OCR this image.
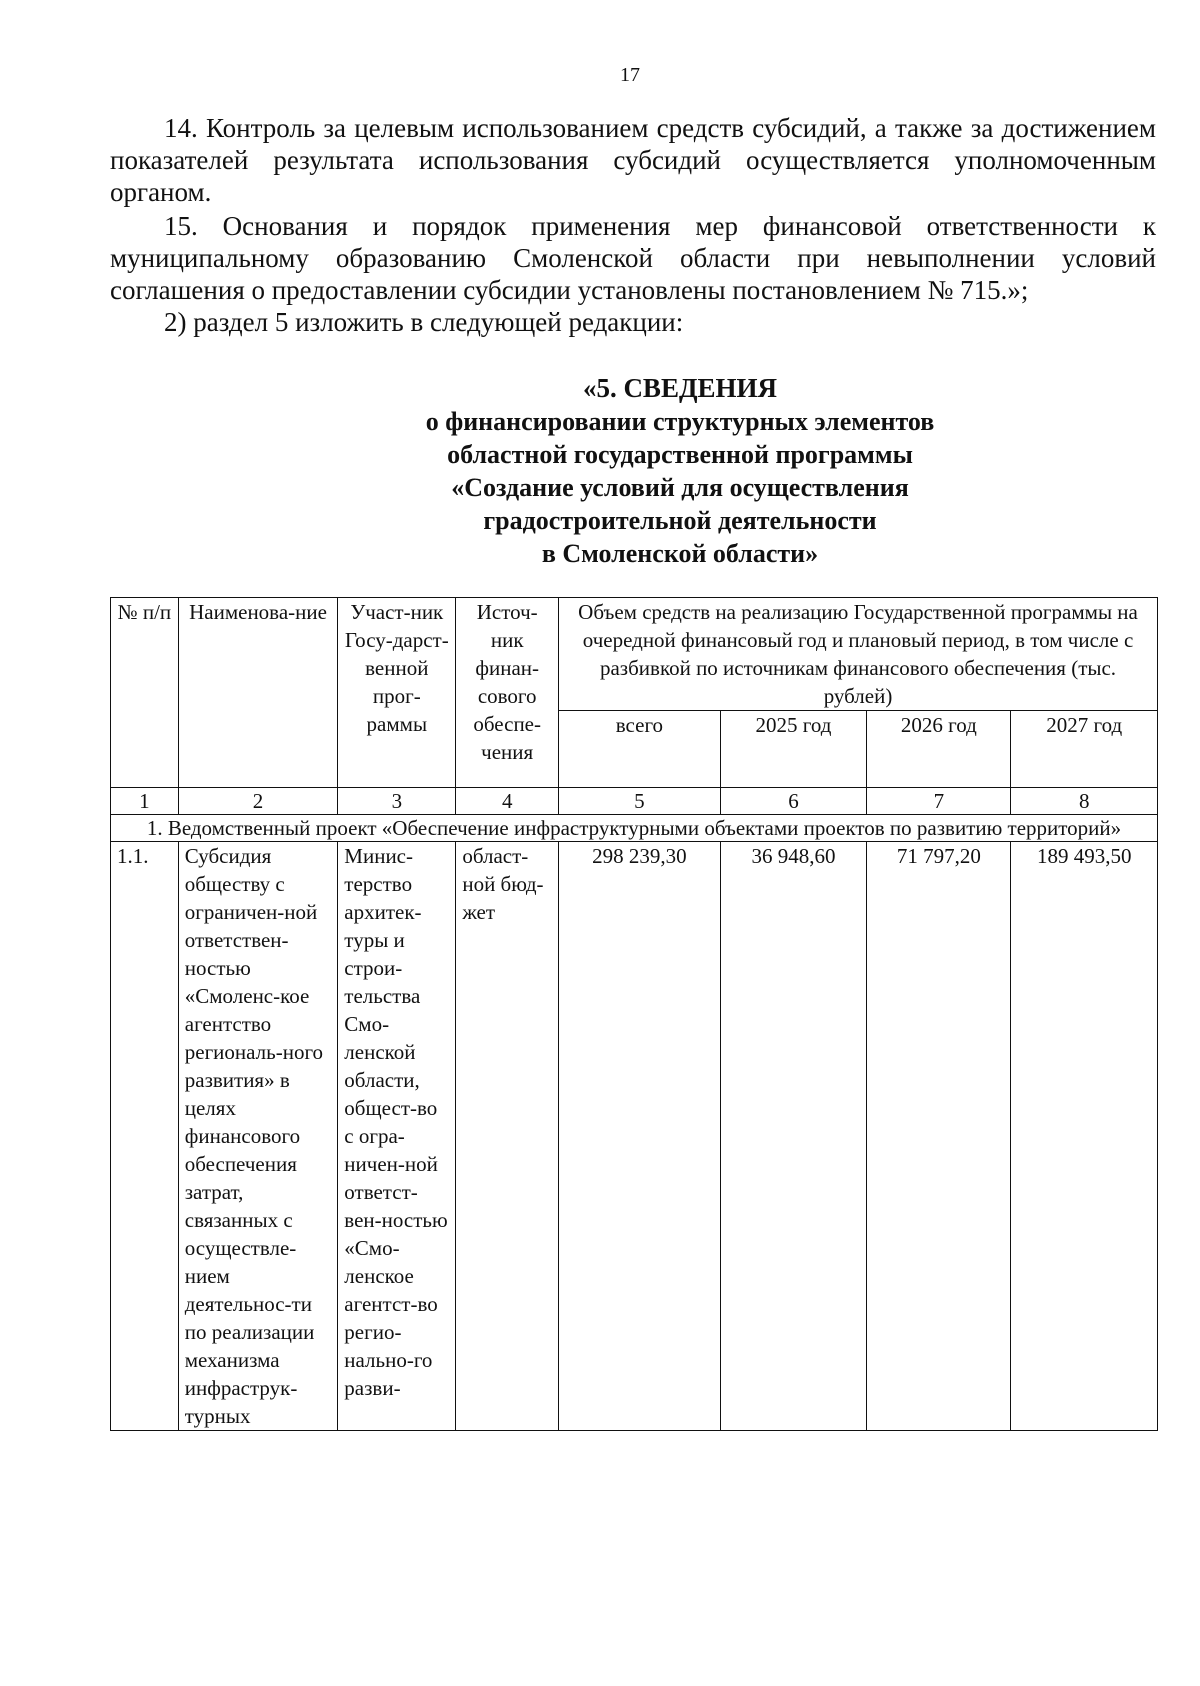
17
14. Контроль за целевым использованием средств субсидий, а также за достижением показателей результата использования субсидий осуществляется уполномоченным органом.
15. Основания и порядок применения мер финансовой ответственности к муниципальному образованию Смоленской области при невыполнении условий соглашения о предоставлении субсидии установлены постановлением № 715.»;
2) раздел 5 изложить в следующей редакции:
«5. СВЕДЕНИЯ
о финансировании структурных элементов
областной государственной программы
«Создание условий для осуществления
градостроительной деятельности
в Смоленской области»
№ п/п	Наименова-ние	Участ-ник Госу-дарст-венной прог-раммы	Источ-ник финан-сового обеспе-чения	Объем средств на реализацию Государственной программы на очередной финансовый год и плановый период, в том числе с разбивкой по источникам финансового обеспечения (тыс. рублей)			
				всего	2025 год	2026 год	2027 год
1	2	3	4	5	6	7	8
1. Ведомственный проект «Обеспечение инфраструктурными объектами проектов по развитию территорий»							
1.1.	Субсидия обществу с ограничен-ной ответствен-ностью «Смоленс-кое агентство региональ-ного развития» в целях финансового обеспечения затрат, связанных с осуществле-нием деятельнос-ти по реализации механизма инфраструк-турных	Минис-терство архитек-туры и строи-тельства Смо-ленской области, общест-во с огра-ничен-ной ответст-вен-ностью «Смо-ленское агентст-во регио-нально-го разви-	област-ной бюд-жет	298 239,30	36 948,60	71 797,20	189 493,50
